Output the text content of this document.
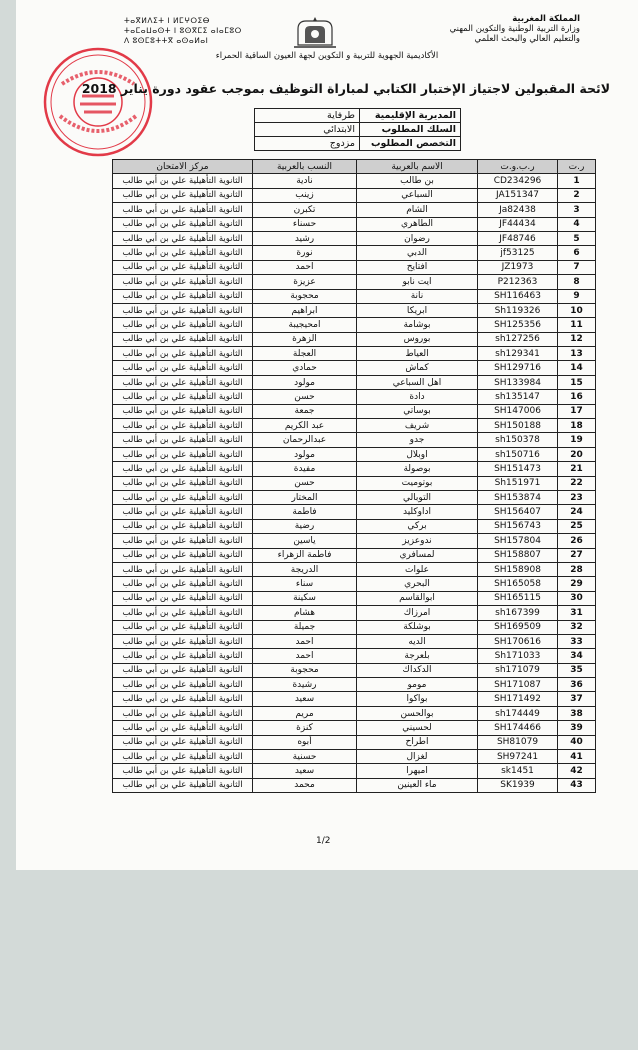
المملكة المغربية
وزارة التربية الوطنية والتكوين المهني
والتعليم العالي والبحث العلمي
ⵜⴰⴳⵍⴷⵉⵜ ⵏ ⵍⵎⵖⵔⵉⴱ
ⵜⴰⵎⴰⵡⴰⵙⵜ ⵏ ⵓⵙⴳⵎⵉ ⴰⵏⴰⵎⵓⵔ
ⴷ ⵓⵙⵎⵓⵜⵜⴳ ⴰⵙⴰⵍⴰⵏ
الأكاديمية الجهوية للتربية و التكوين لجهة العيون الساقية الحمراء
لائحة المقبولين لاجتياز الإختبار الكتابي لمباراة التوظيف بموجب عقود دورة يناير 2018
المديرية الإقليمية	طرفاية
السلك المطلوب	الابتدائي
التخصص المطلوب	مزدوج
ر.ت	ر.ب.و.ت	الاسم بالعربية	النسب بالعربية	مركز الامتحان
1	CD234296	بن طالب	نادية	الثانوية التأهيلية علي بن أبي طالب
2	JA151347	السباعي	زينب	الثانوية التأهيلية علي بن أبي طالب
3	Ja82438	الشام	تكبرن	الثانوية التأهيلية علي بن أبي طالب
4	JF44434	الطاهري	حسناء	الثانوية التأهيلية علي بن أبي طالب
5	JF48746	رضوان	رشيد	الثانوية التأهيلية علي بن أبي طالب
6	jf53125	الدبي	نورة	الثانوية التأهيلية علي بن أبي طالب
7	JZ1973	افتايح	احمد	الثانوية التأهيلية علي بن أبي طالب
8	P212363	ايت نابو	عزيزة	الثانوية التأهيلية علي بن أبي طالب
9	SH116463	نانة	محجوبة	الثانوية التأهيلية علي بن أبي طالب
10	Sh119326	ابريكا	ابراهيم	الثانوية التأهيلية علي بن أبي طالب
11	SH125356	بوشامة	امحيجيبة	الثانوية التأهيلية علي بن أبي طالب
12	sh127256	بوروس	الزهرة	الثانوية التأهيلية علي بن أبي طالب
13	sh129341	العياط	العجلة	الثانوية التأهيلية علي بن أبي طالب
14	SH129716	كماش	حمادي	الثانوية التأهيلية علي بن أبي طالب
15	SH133984	اهل السباعي	مولود	الثانوية التأهيلية علي بن أبي طالب
16	sh135147	دادة	حسن	الثانوية التأهيلية علي بن أبي طالب
17	SH147006	بوساتي	جمعة	الثانوية التأهيلية علي بن أبي طالب
18	SH150188	شريف	عبد الكريم	الثانوية التأهيلية علي بن أبي طالب
19	sh150378	جدو	عبدالرحمان	الثانوية التأهيلية علي بن أبي طالب
20	sh150716	اوبلال	مولود	الثانوية التأهيلية علي بن أبي طالب
21	SH151473	بوصولة	مفيدة	الثانوية التأهيلية علي بن أبي طالب
22	Sh151971	بوتوميت	حسن	الثانوية التأهيلية علي بن أبي طالب
23	SH153874	التوبالي	المختار	الثانوية التأهيلية علي بن أبي طالب
24	SH156407	اداوكليد	فاطمة	الثانوية التأهيلية علي بن أبي طالب
25	SH156743	بركي	رضية	الثانوية التأهيلية علي بن أبي طالب
26	SH157804	ندوعزيز	ياسين	الثانوية التأهيلية علي بن أبي طالب
27	SH158807	لمسافري	فاطمة الزهراء	الثانوية التأهيلية علي بن أبي طالب
28	SH158908	علوات	الدريجة	الثانوية التأهيلية علي بن أبي طالب
29	SH165058	البحري	سناء	الثانوية التأهيلية علي بن أبي طالب
30	SH165115	ابوالقاسم	سكينة	الثانوية التأهيلية علي بن أبي طالب
31	sh167399	امرزاك	هشام	الثانوية التأهيلية علي بن أبي طالب
32	SH169509	بوشلكة	جميلة	الثانوية التأهيلية علي بن أبي طالب
33	SH170616	الديه	احمد	الثانوية التأهيلية علي بن أبي طالب
34	Sh171033	بلعرجة	احمد	الثانوية التأهيلية علي بن أبي طالب
35	sh171079	الدكداك	محجوبة	الثانوية التأهيلية علي بن أبي طالب
36	SH171087	مومو	رشيدة	الثانوية التأهيلية علي بن أبي طالب
37	SH171492	بواكوا	سعيد	الثانوية التأهيلية علي بن أبي طالب
38	sh174449	بوالحسن	مريم	الثانوية التأهيلية علي بن أبي طالب
39	SH174466	لحسيني	كنزة	الثانوية التأهيلية علي بن أبي طالب
40	SH81079	اطراح	أبوه	الثانوية التأهيلية علي بن أبي طالب
41	SH97241	لغزال	حسنية	الثانوية التأهيلية علي بن أبي طالب
42	sk1451	اميهرا	سعيد	الثانوية التأهيلية علي بن أبي طالب
43	SK1939	ماء العينين	محمد	الثانوية التأهيلية علي بن أبي طالب
1/2
